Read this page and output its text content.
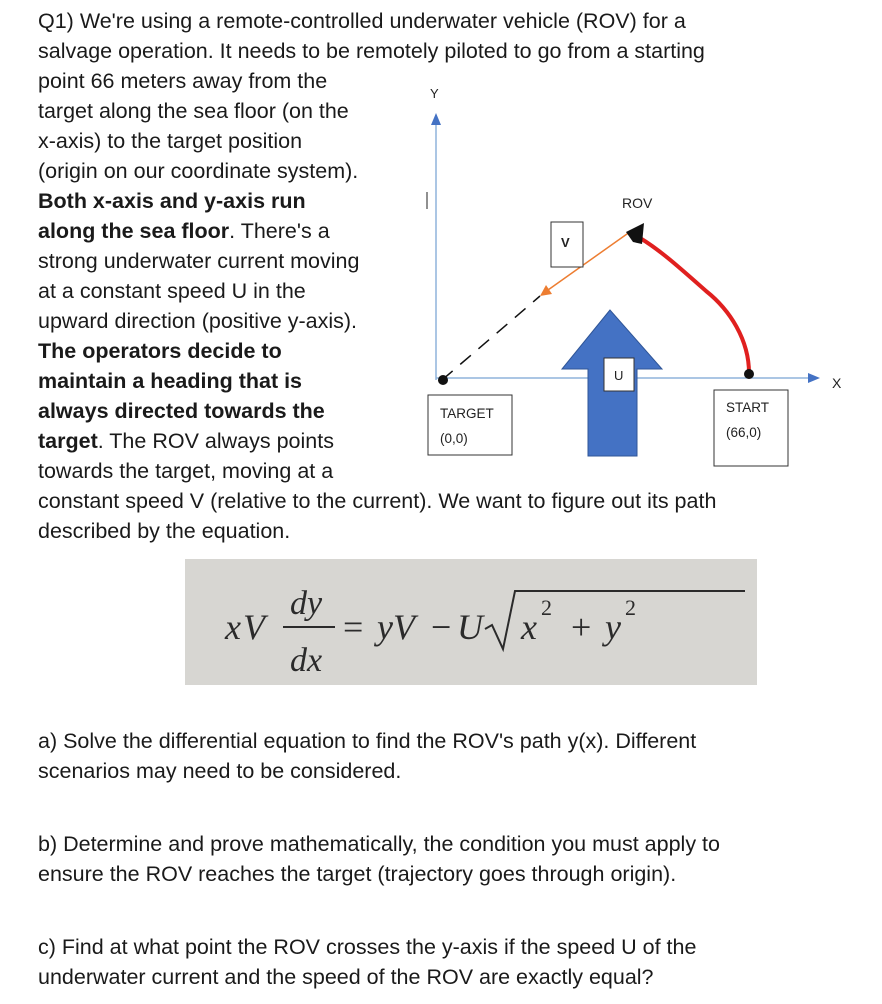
Q1) We're using a remote-controlled underwater vehicle (ROV) for a
salvage operation. It needs to be remotely piloted to go from a starting
point 66 meters away from the
target along the sea floor (on the
x-axis) to the target position
(origin on our coordinate system).
Both x-axis and y-axis run
along the sea floor. There's a
strong underwater current moving
at a constant speed U in the
upward direction (positive y-axis).
The operators decide to
maintain a heading that is
always directed towards the
target. The ROV always points
towards the target, moving at a
constant speed V (relative to the current). We want to figure out its path
described by the equation.
Y
X
V
ROV
U
TARGET
(0,0)
START
(66,0)
x V
dy
dx
= yV − U x 2 + y 2
a) Solve the differential equation to find the ROV's path y(x). Different
scenarios may need to be considered.
b) Determine and prove mathematically, the condition you must apply to
ensure the ROV reaches the target (trajectory goes through origin).
c) Find at what point the ROV crosses the y-axis if the speed U of the
underwater current and the speed of the ROV are exactly equal?
